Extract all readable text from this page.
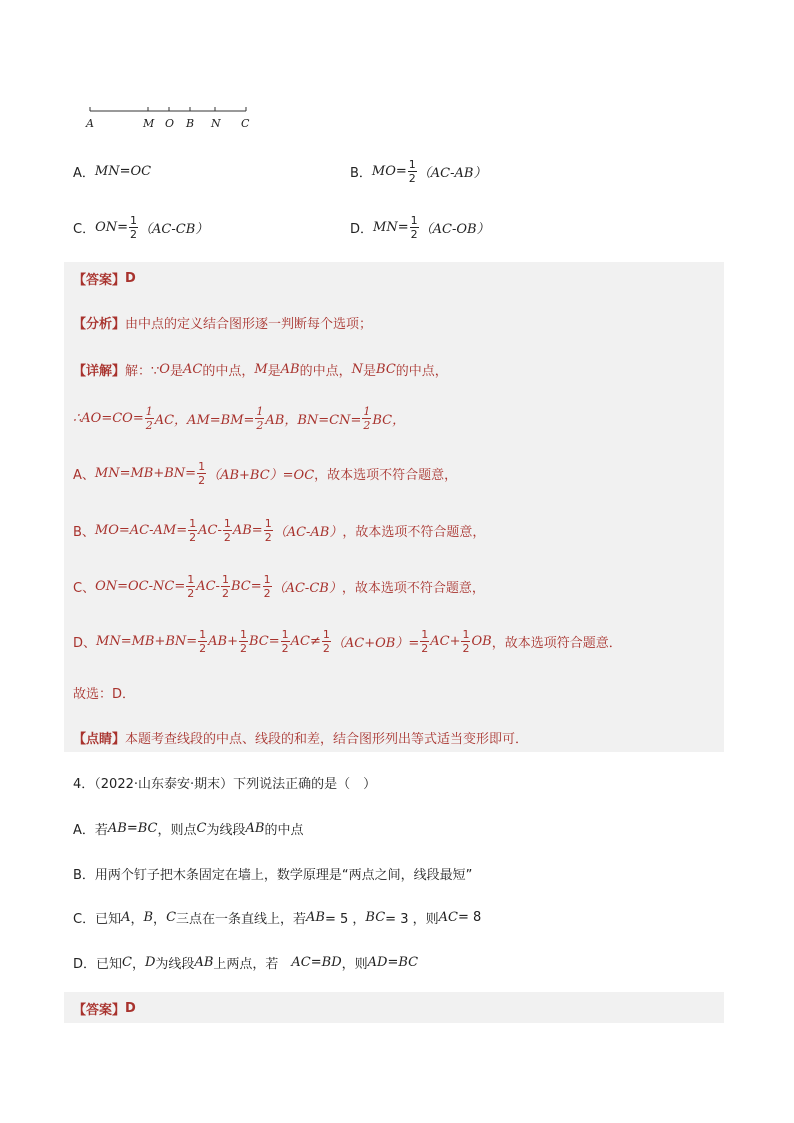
A	M O B N C
A． MN = OC	B． MO = $\frac{1}{2} (AC-AB)$
C． ON = $\frac{1}{2} (AC-CB)$	D． MN = $\frac{1}{2} (AC-OB)$
【答案】 D
【分析】 由中点的定义结合图形逐一判断每个选项；
【详解】 解：∵ O 是 AC 的中点， M 是 AB 的中点， N 是 BC 的中点，
∴AO=CO= $\frac{1}{2}$ AC，$AM=BM= \frac{1}{2}$ AB，$BN=CN= \frac{1}{2}$ BC，
A、 $MN=MB+BN= \frac{1}{2} (AB+BC)=OC$ ，故本选项不符合题意，
B、 $MO=AC-AM= \frac{1}{2} AC- \frac{1}{2} AB= \frac{1}{2} (AC-AB)$ ，故本选项不符合题意，
C、 $ON=OC-NC= \frac{1}{2} AC- \frac{1}{2} BC= \frac{1}{2} (AC-CB)$ ，故本选项不符合题意，
D、 $MN=MB+BN= \frac{1}{2} AB+ \frac{1}{2} BC= \frac{1}{2} AC\ne \frac{1}{2} (AC+OB)= \frac{1}{2} AC+ \frac{1}{2}$ OB ，故本选项符合题意．
故选：D．
【点睛】 本题考查线段的中点、线段的和差，结合图形列出等式适当变形即可．
4．（2022·山东泰安·期末）下列说法正确的是（　）
A．若 AB = BC ，则点 C 为线段 AB 的中点
B．用两个钉子把木条固定在墙上，数学原理是“两点之间，线段最短”
C．已知 A ， B ， C 三点在一条直线上，若 AB = 5 ， BC = 3 ，则 AC = 8
D．已知 C ， D 为线段 AB 上两点，若　 AC = BD ，则 AD = BC
【答案】 D
